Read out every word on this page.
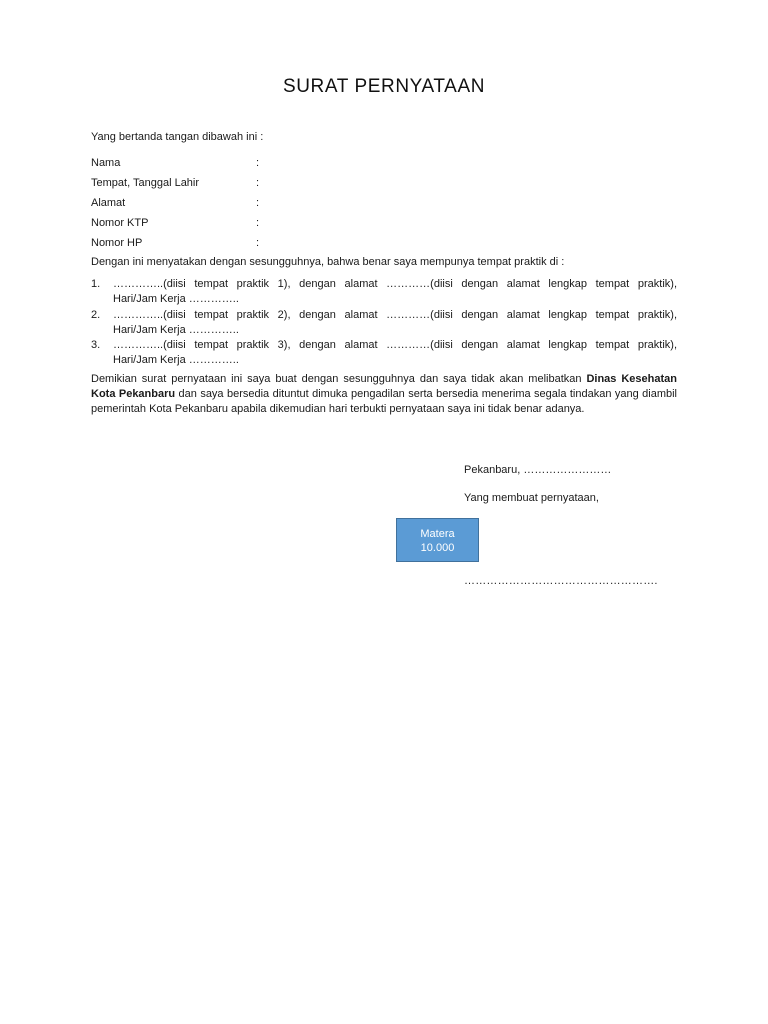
SURAT PERNYATAAN
Yang bertanda tangan dibawah ini :
Nama	:
Tempat, Tanggal Lahir	:
Alamat	:
Nomor KTP	:
Nomor HP	:
Dengan ini menyatakan dengan sesungguhnya, bahwa benar saya mempunya tempat praktik di :
1.	…………..(diisi tempat praktik 1), dengan alamat …………(diisi dengan alamat lengkap tempat praktik),
Hari/Jam Kerja …………..
2.	…………..(diisi tempat praktik 2), dengan alamat …………(diisi dengan alamat lengkap tempat praktik),
Hari/Jam Kerja …………..
3.	…………..(diisi tempat praktik 3), dengan alamat …………(diisi dengan alamat lengkap tempat praktik),
Hari/Jam Kerja …………..
Demikian surat pernyataan ini saya buat dengan sesungguhnya dan saya tidak akan melibatkan Dinas Kesehatan Kota Pekanbaru dan saya bersedia dituntut dimuka pengadilan serta bersedia menerima segala tindakan yang diambil pemerintah Kota Pekanbaru apabila dikemudian hari terbukti pernyataan saya ini tidak benar adanya.
Pekanbaru, ……………………
Yang membuat pernyataan,
Matera
10.000
…………………………………………….
